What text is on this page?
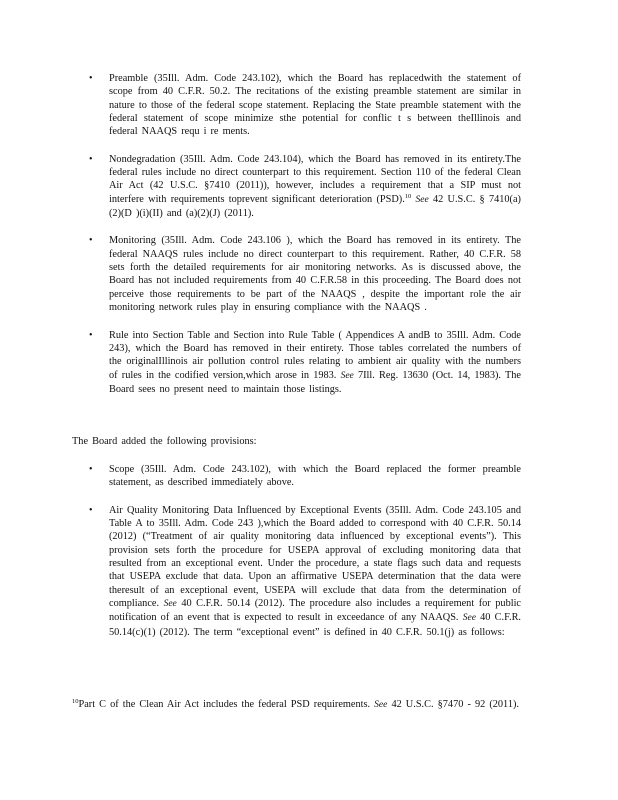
• Preamble (35Ill. Adm. Code 243.102), which the Board has replacedwith the statement of scope from 40 C.F.R. 50.2. The recitations of the existing preamble statement are similar in nature to those of the federal scope statement. Replacing the State preamble statement with the federal statement of scope minimize sthe potential for conflic t s between theIllinois and federal NAAQS requ i re ments.

• Nondegradation (35Ill. Adm. Code 243.104), which the Board has removed in its entirety.The federal rules include no direct counterpart to this requirement. Section 110 of the federal Clean Air Act (42 U.S.C. §7410 (2011)), however, includes a requirement that a SIP must not interfere with requirements toprevent significant deterioration (PSD).$^{10}$ See 42 U.S.C. § 7410(a)(2)(D )(i)(II) and (a)(2)(J) (2011).

• Monitoring (35Ill. Adm. Code 243.106 ), which the Board has removed in its entirety. The federal NAAQS rules include no direct counterpart to this requirement. Rather, 40 C.F.R. 58 sets forth the detailed requirements for air monitoring networks. As is discussed above, the Board has not included requirements from 40 C.F.R.58 in this proceeding. The Board does not perceive those requirements to be part of the NAAQS , despite the important role the air monitoring network rules play in ensuring compliance with the NAAQS .

• Rule into Section Table and Section into Rule Table ( Appendices A andB to 35Ill. Adm. Code 243), which the Board has removed in their entirety. Those tables correlated the numbers of the originalIllinois air pollution control rules relating to ambient air quality with the numbers of rules in the codified version,which arose in 1983. See 7Ill. Reg. 13630 (Oct. 14, 1983). The Board sees no present need to maintain those listings.

The Board added the following provisions:

• Scope (35Ill. Adm. Code 243.102), with which the Board replaced the former preamble statement, as described immediately above.

• Air Quality Monitoring Data Influenced by Exceptional Events (35Ill. Adm. Code 243.105 and Table A to 35Ill. Adm. Code 243 ),which the Board added to correspond with 40 C.F.R. 50.14 (2012) (“Treatment of air quality monitoring data influenced by exceptional events”). This provision sets forth the procedure for USEPA approval of excluding monitoring data that resulted from an exceptional event. Under the procedure, a state flags such data and requests that USEPA exclude that data. Upon an affirmative USEPA determination that the data were theresult of an exceptional event, USEPA will exclude that data from the determination of compliance. See 40 C.F.R. 50.14 (2012). The procedure also includes a requirement for public notification of an event that is expected to result in exceedance of any NAAQS. See 40 C.F.R. 50.14(c)(1) (2012). The term “exceptional event” is defined in 40 C.F.R. 50.1(j) as follows:

$^{10}$Part C of the Clean Air Act includes the federal PSD requirements. See 42 U.S.C. §7470 - 92 (2011).
